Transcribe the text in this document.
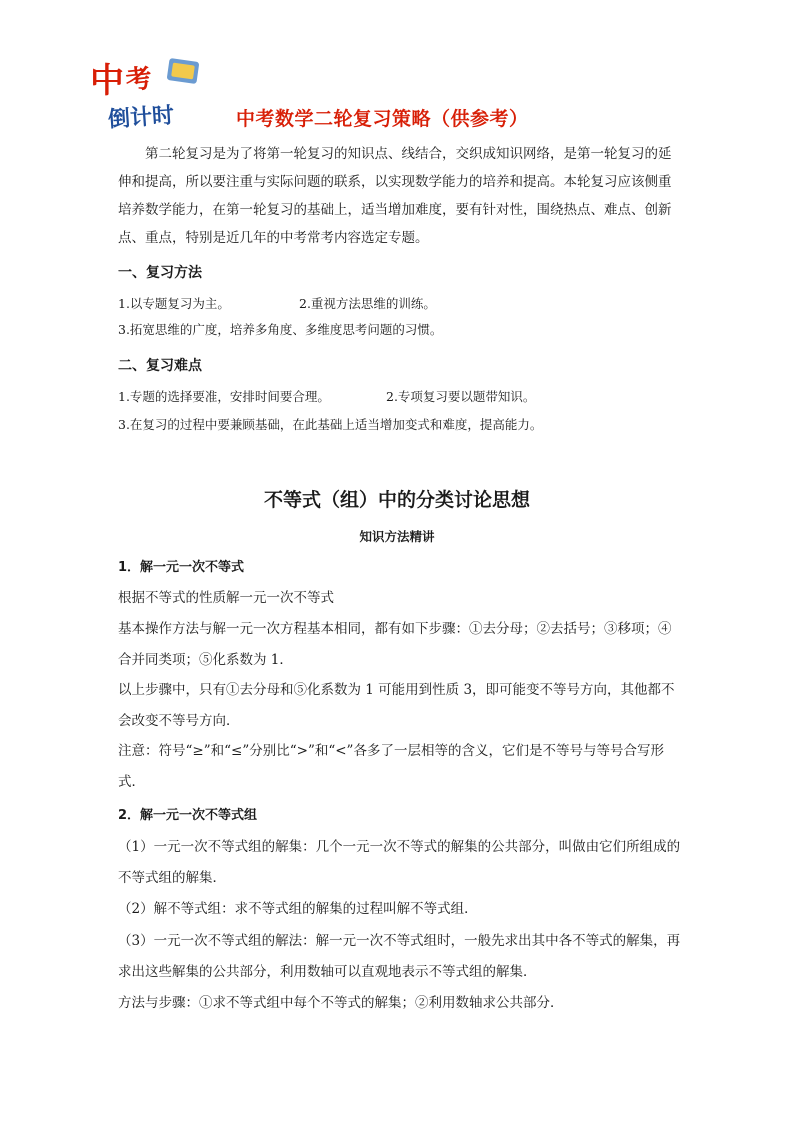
中 考
倒计时	中考数学二轮复习策略（供参考）

第二轮复习是为了将第一轮复习的知识点、线结合，交织成知识网络，是第一轮复习的延伸和提高，所以要注重与实际问题的联系，以实现数学能力的培养和提高。本轮复习应该侧重培养数学能力，在第一轮复习的基础上，适当增加难度，要有针对性，围绕热点、难点、创新点、重点，特别是近几年的中考常考内容选定专题。

一、复习方法

1.以专题复习为主。	2.重视方法思维的训练。

3.拓宽思维的广度，培养多角度、多维度思考问题的习惯。

二、复习难点

1.专题的选择要准，安排时间要合理。	2.专项复习要以题带知识。

3.在复习的过程中要兼顾基础，在此基础上适当增加变式和难度，提高能力。

不等式（组）中的分类讨论思想
知识方法精讲

1．解一元一次不等式

根据不等式的性质解一元一次不等式

基本操作方法与解一元一次方程基本相同，都有如下步骤：①去分母；②去括号；③移项；④合并同类项；⑤化系数为 1．

以上步骤中，只有①去分母和⑤化系数为 1 可能用到性质 3，即可能变不等号方向，其他都不会改变不等号方向．

注意：符号“≥”和“≤”分别比“>”和“<”各多了一层相等的含义，它们是不等号与等号合写形式．

2．解一元一次不等式组

（1）一元一次不等式组的解集：几个一元一次不等式的解集的公共部分，叫做由它们所组成的不等式组的解集．

（2）解不等式组：求不等式组的解集的过程叫解不等式组．

（3）一元一次不等式组的解法：解一元一次不等式组时，一般先求出其中各不等式的解集，再求出这些解集的公共部分，利用数轴可以直观地表示不等式组的解集．

方法与步骤：①求不等式组中每个不等式的解集；②利用数轴求公共部分．
